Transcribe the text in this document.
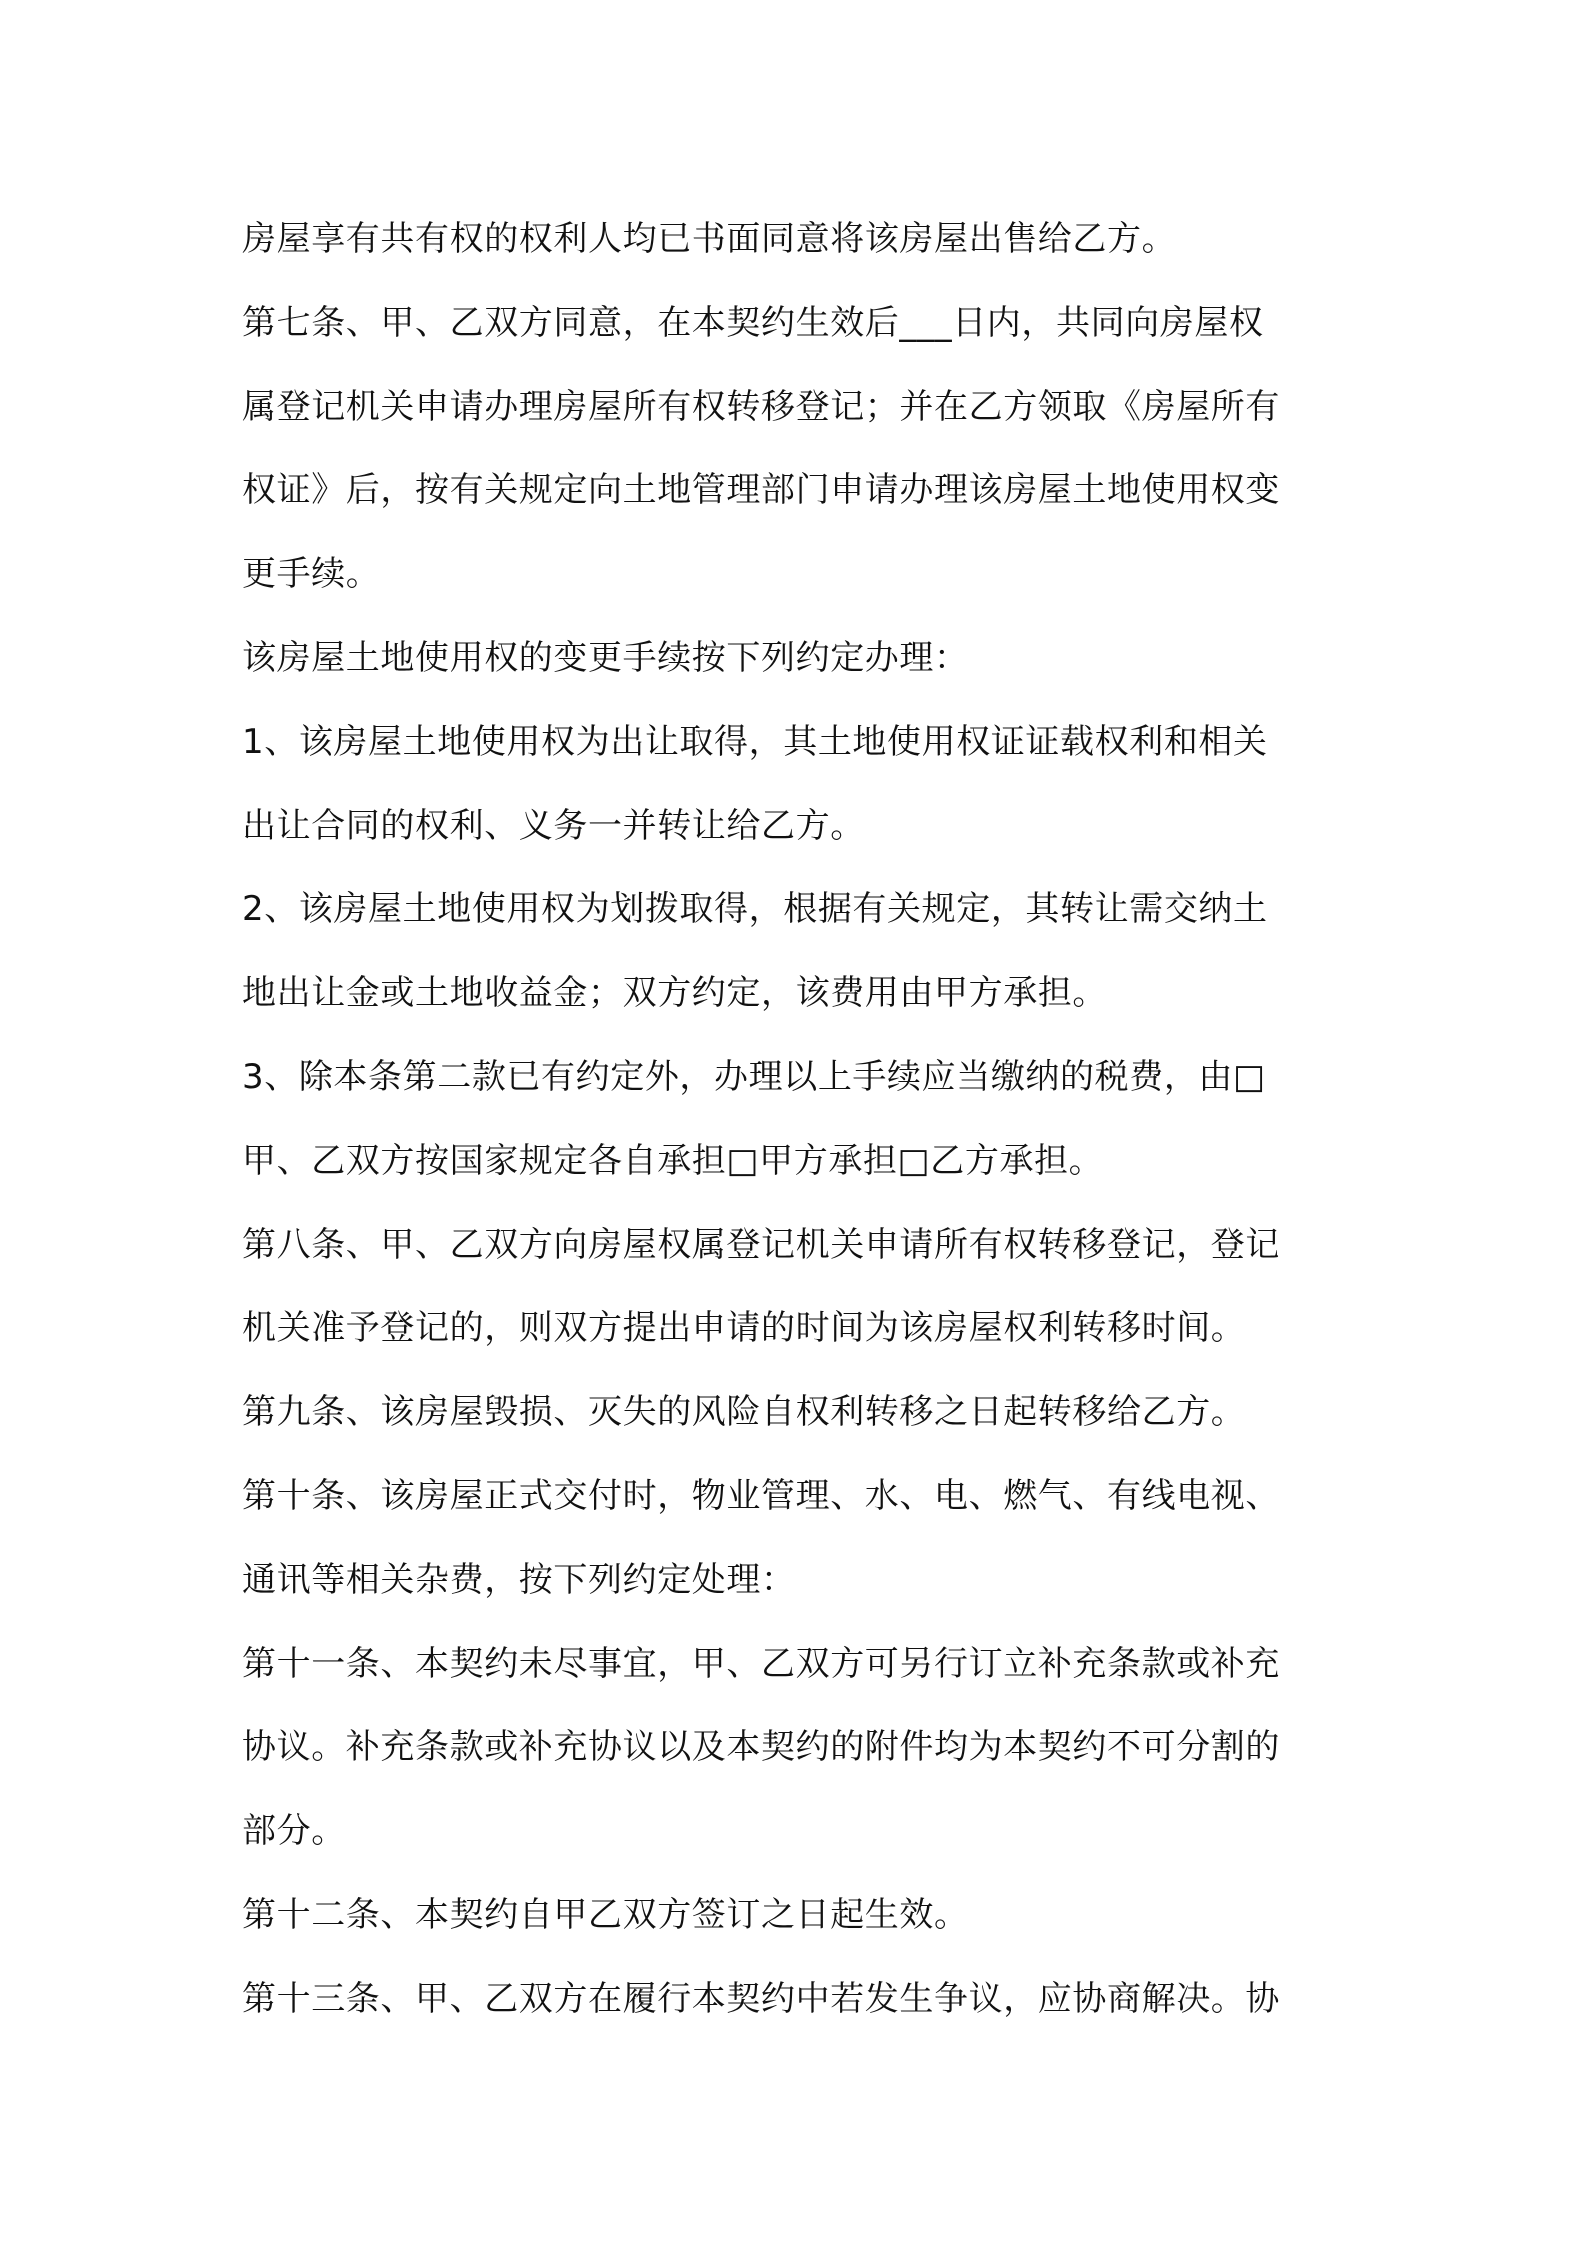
房屋享有共有权的权利人均已书面同意将该房屋出售给乙方。
第七条、甲、乙双方同意，在本契约生效后___日内，共同向房屋权
属登记机关申请办理房屋所有权转移登记；并在乙方领取《房屋所有
权证》后，按有关规定向土地管理部门申请办理该房屋土地使用权变
更手续。
该房屋土地使用权的变更手续按下列约定办理：
1、该房屋土地使用权为出让取得，其土地使用权证证载权利和相关
出让合同的权利、义务一并转让给乙方。
2、该房屋土地使用权为划拨取得，根据有关规定，其转让需交纳土
地出让金或土地收益金；双方约定，该费用由甲方承担。
3、除本条第二款已有约定外，办理以上手续应当缴纳的税费，由□
甲、乙双方按国家规定各自承担□甲方承担□乙方承担。
第八条、甲、乙双方向房屋权属登记机关申请所有权转移登记，登记
机关准予登记的，则双方提出申请的时间为该房屋权利转移时间。
第九条、该房屋毁损、灭失的风险自权利转移之日起转移给乙方。
第十条、该房屋正式交付时，物业管理、水、电、燃气、有线电视、
通讯等相关杂费，按下列约定处理：
第十一条、本契约未尽事宜，甲、乙双方可另行订立补充条款或补充
协议。补充条款或补充协议以及本契约的附件均为本契约不可分割的
部分。
第十二条、本契约自甲乙双方签订之日起生效。
第十三条、甲、乙双方在履行本契约中若发生争议，应协商解决。协
